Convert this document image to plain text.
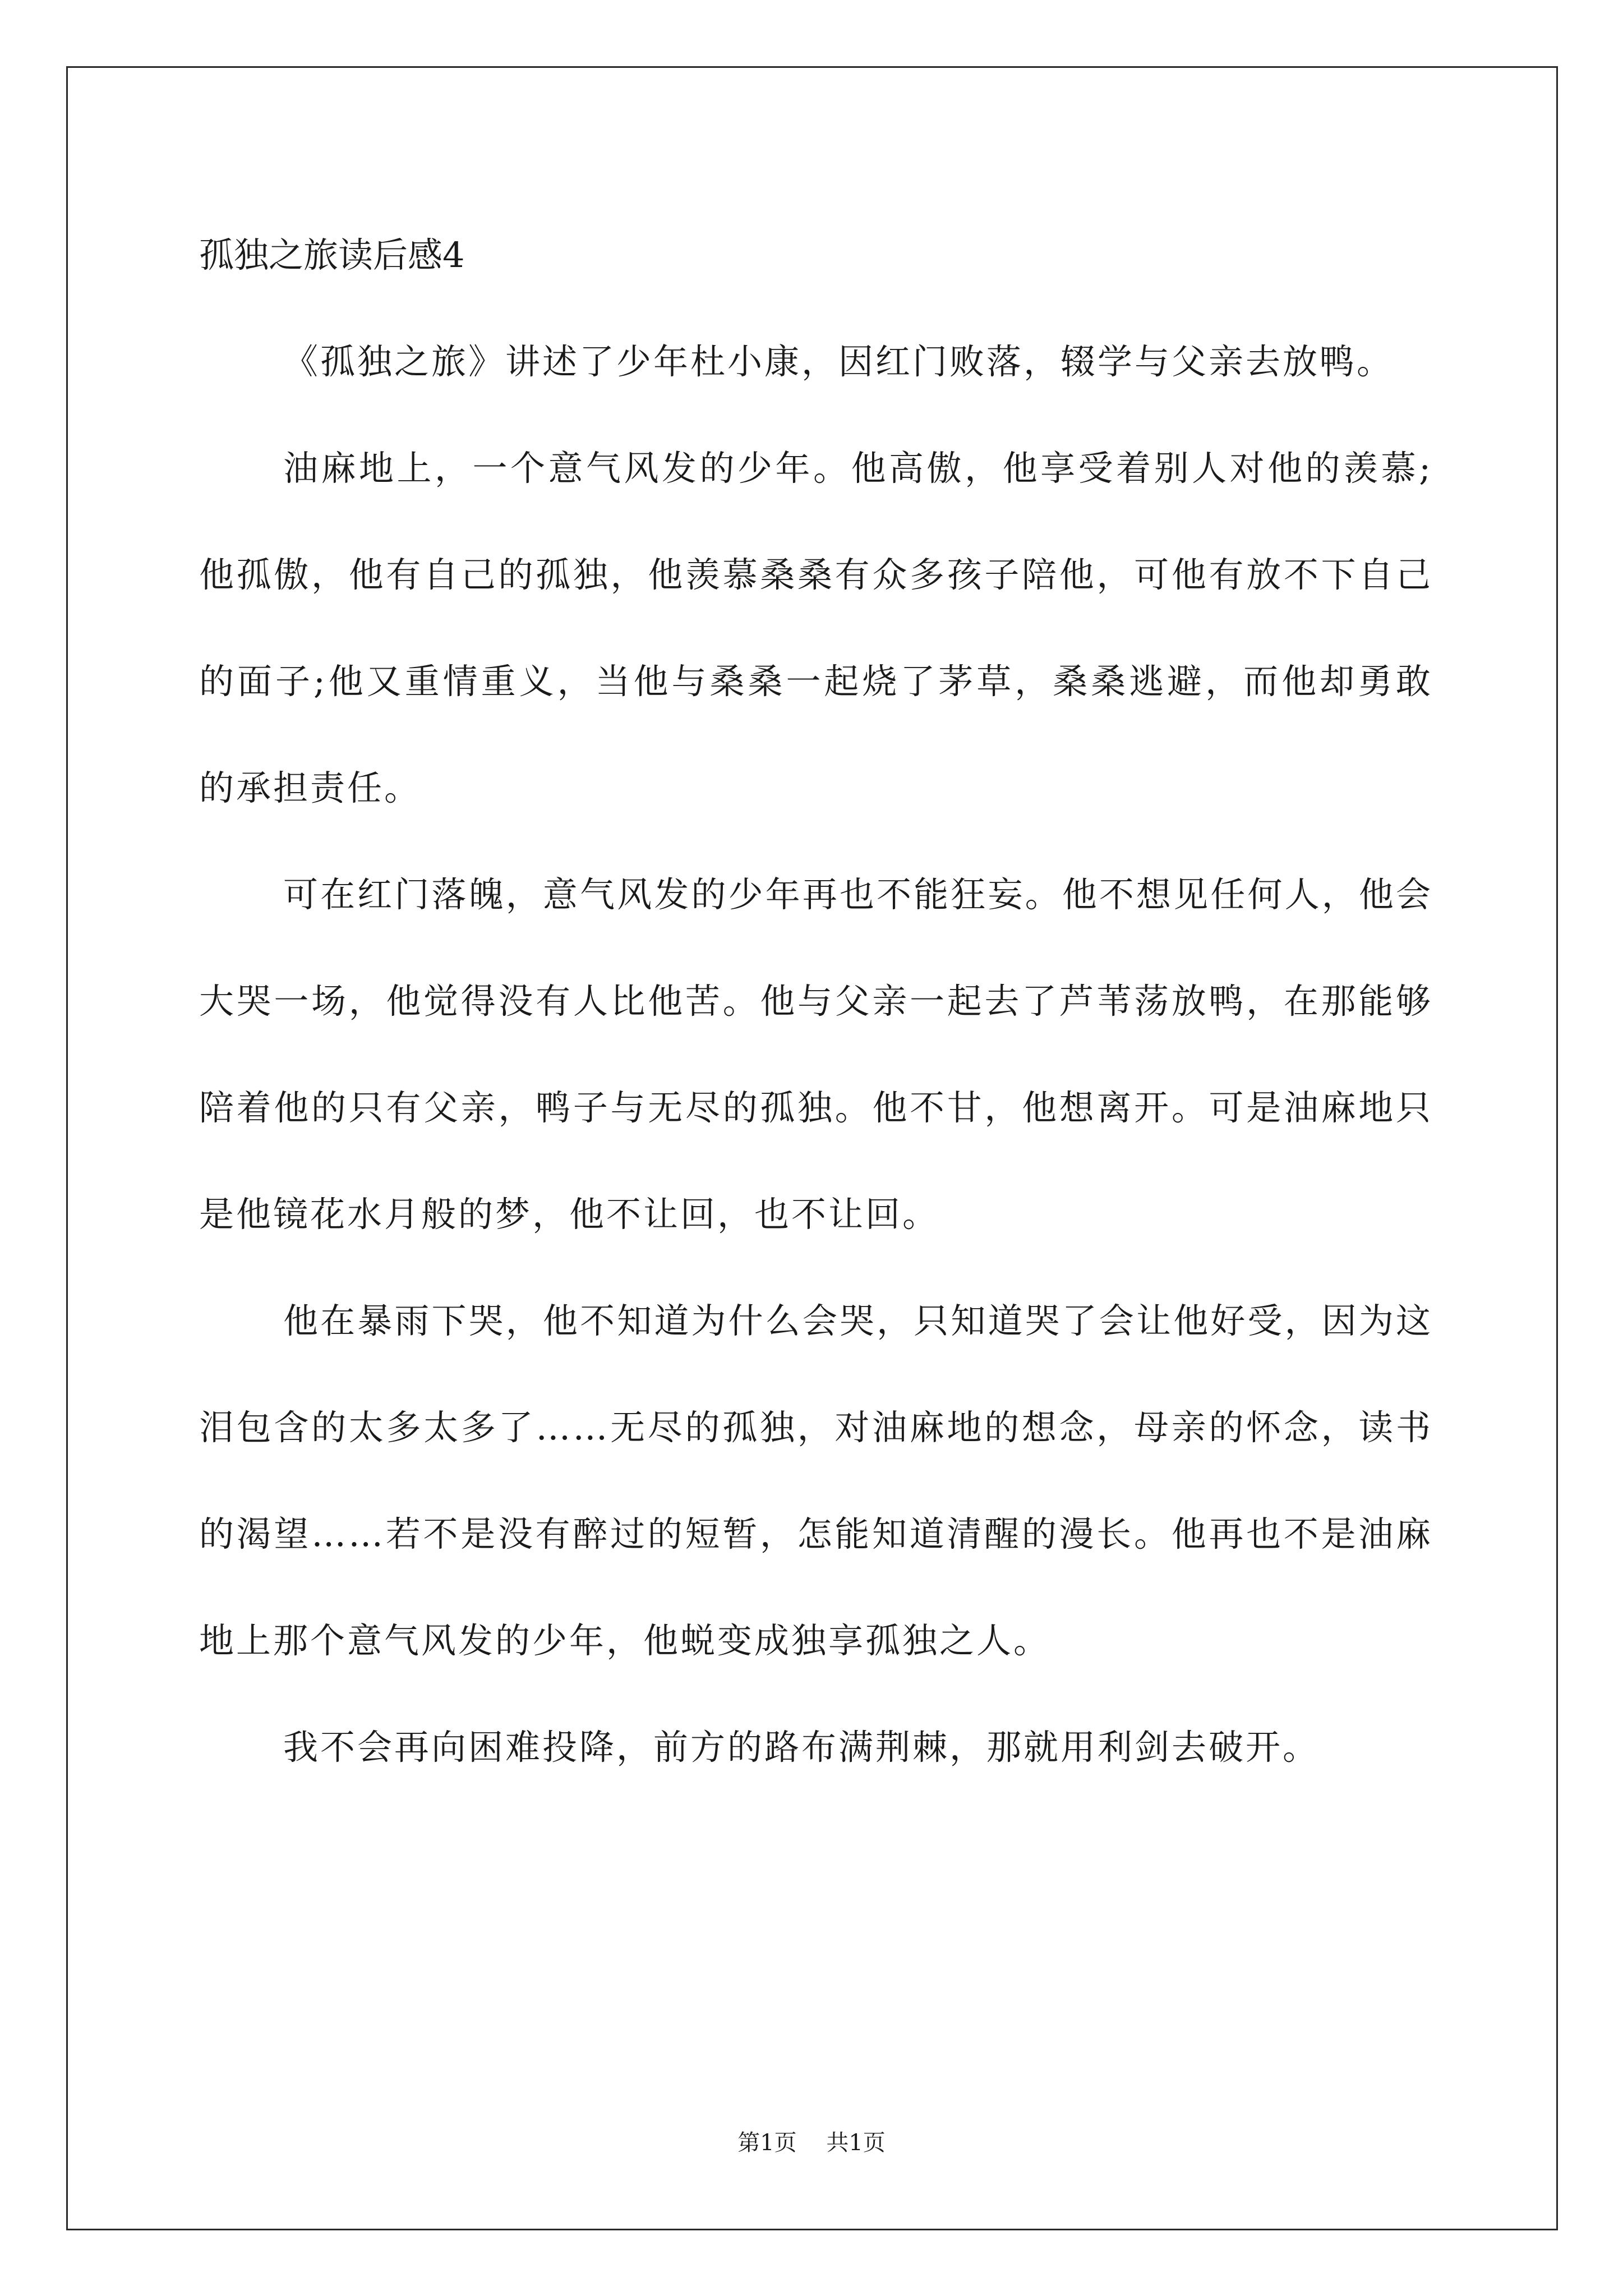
孤独之旅读后感4

《孤独之旅》讲述了少年杜小康，因红门败落，辍学与父亲去放鸭。

油麻地上，一个意气风发的少年。他高傲，他享受着别人对他的羡慕;他孤傲，他有自己的孤独，他羡慕桑桑有众多孩子陪他，可他有放不下自己的面子;他又重情重义，当他与桑桑一起烧了茅草，桑桑逃避，而他却勇敢的承担责任。

可在红门落魄，意气风发的少年再也不能狂妄。他不想见任何人，他会大哭一场，他觉得没有人比他苦。他与父亲一起去了芦苇荡放鸭，在那能够陪着他的只有父亲，鸭子与无尽的孤独。他不甘，他想离开。可是油麻地只是他镜花水月般的梦，他不让回，也不让回。

他在暴雨下哭，他不知道为什么会哭，只知道哭了会让他好受，因为这泪包含的太多太多了……无尽的孤独，对油麻地的想念，母亲的怀念，读书的渴望……若不是没有醉过的短暂，怎能知道清醒的漫长。他再也不是油麻地上那个意气风发的少年，他蜕变成独享孤独之人。

我不会再向困难投降，前方的路布满荆棘，那就用利剑去破开。

第1页 共1页
